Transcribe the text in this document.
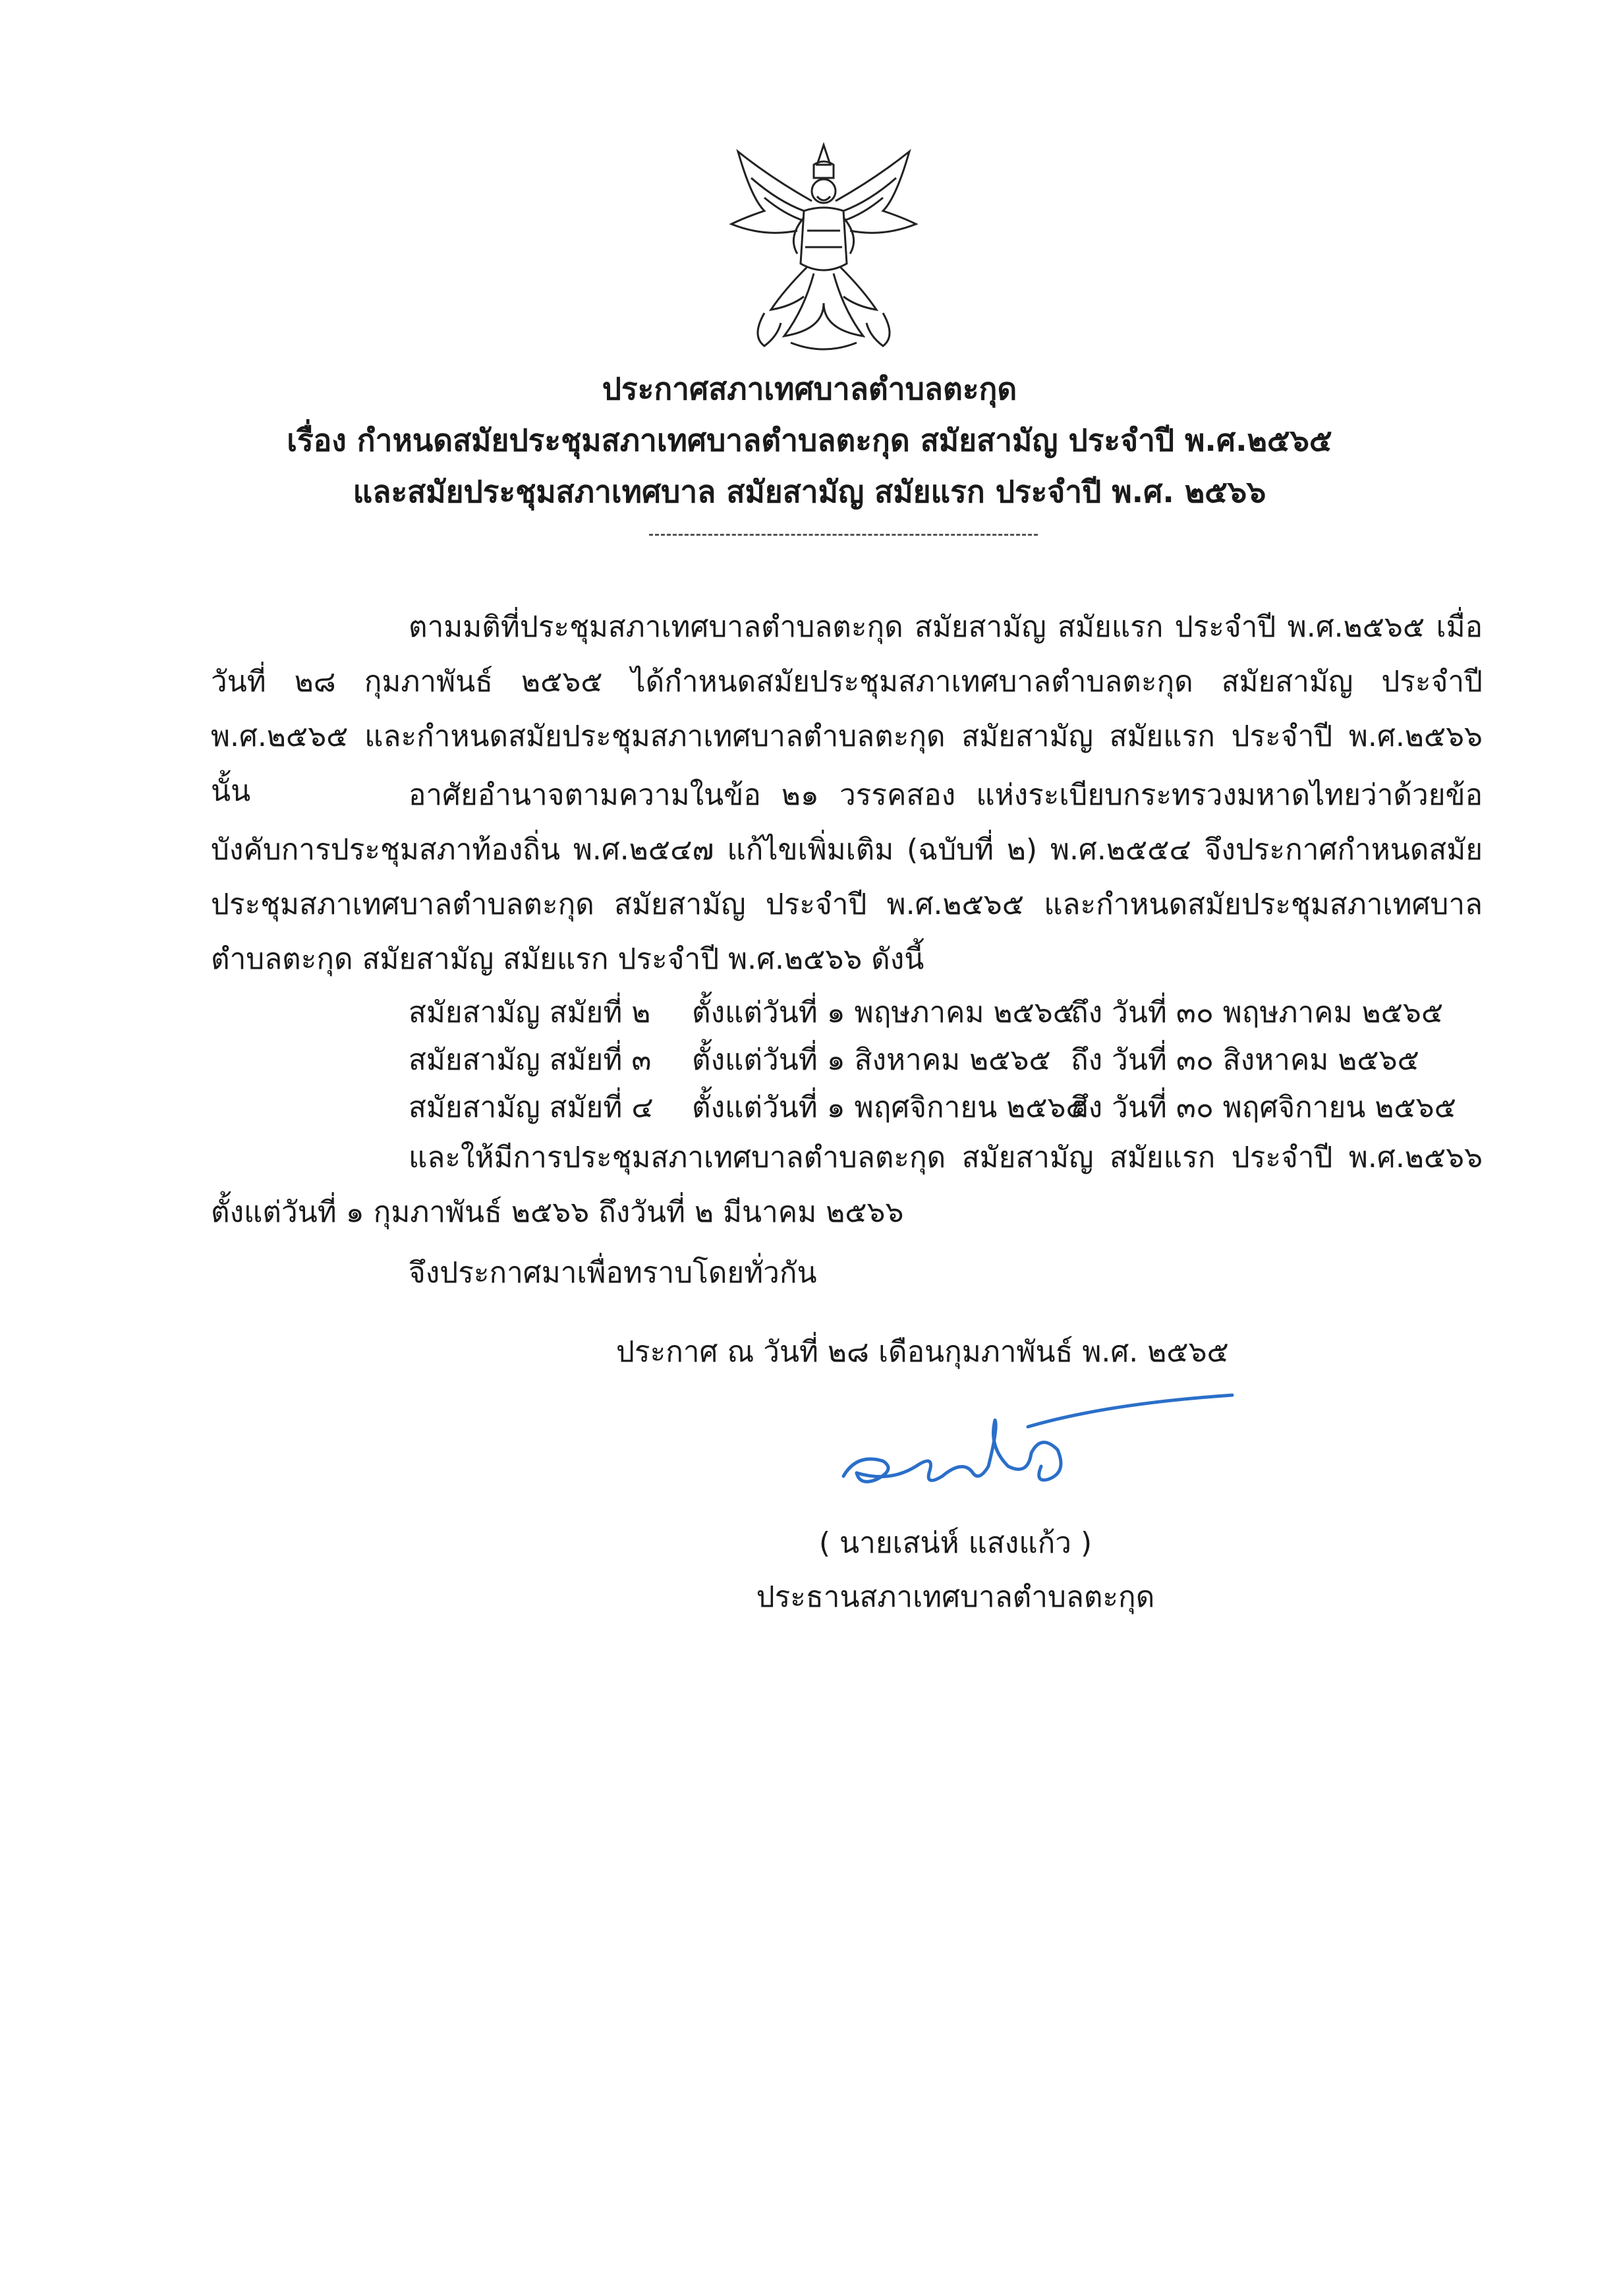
ประกาศสภาเทศบาลตำบลตะกุด
เรื่อง กำหนดสมัยประชุมสภาเทศบาลตำบลตะกุด สมัยสามัญ ประจำปี พ.ศ.๒๕๖๕
และสมัยประชุมสภาเทศบาล สมัยสามัญ สมัยแรก ประจำปี พ.ศ. ๒๕๖๖
ตามมติที่ประชุมสภาเทศบาลตำบลตะกุด สมัยสามัญ สมัยแรก ประจำปี พ.ศ.๒๕๖๕ เมื่อวันที่ ๒๘ กุมภาพันธ์ ๒๕๖๕ ได้กำหนดสมัยประชุมสภาเทศบาลตำบลตะกุด สมัยสามัญ ประจำปี พ.ศ.๒๕๖๕ และกำหนดสมัยประชุมสภาเทศบาลตำบลตะกุด สมัยสามัญ สมัยแรก ประจำปี พ.ศ.๒๕๖๖ นั้น	อาศัยอำนาจตามความในข้อ ๒๑ วรรคสอง แห่งระเบียบกระทรวงมหาดไทยว่าด้วยข้อบังคับการประชุมสภาท้องถิ่น พ.ศ.๒๕๔๗ แก้ไขเพิ่มเติม (ฉบับที่ ๒) พ.ศ.๒๕๕๔ จึงประกาศกำหนดสมัยประชุมสภาเทศบาลตำบลตะกุด สมัยสามัญ ประจำปี พ.ศ.๒๕๖๕ และกำหนดสมัยประชุมสภาเทศบาลตำบลตะกุด สมัยสามัญ สมัยแรก ประจำปี พ.ศ.๒๕๖๖ ดังนี้
สมัยสามัญ สมัยที่ ๒ ตั้งแต่วันที่ ๑ พฤษภาคม ๒๕๖๕
ถึง วันที่ ๓๐ พฤษภาคม ๒๕๖๕
สมัยสามัญ สมัยที่ ๓ ตั้งแต่วันที่ ๑ สิงหาคม ๒๕๖๕ ถึง วันที่ ๓๐ สิงหาคม ๒๕๖๕
สมัยสามัญ สมัยที่ ๔ ตั้งแต่วันที่ ๑ พฤศจิกายน ๒๕๖๕
ถึง วันที่ ๓๐ พฤศจิกายน ๒๕๖๕
และให้มีการประชุมสภาเทศบาลตำบลตะกุด สมัยสามัญ สมัยแรก ประจำปี พ.ศ.๒๕๖๖ ตั้งแต่วันที่ ๑ กุมภาพันธ์ ๒๕๖๖ ถึงวันที่ ๒ มีนาคม ๒๕๖๖
จึงประกาศมาเพื่อทราบโดยทั่วกัน
ประกาศ ณ วันที่ ๒๘ เดือนกุมภาพันธ์ พ.ศ. ๒๕๖๕
( นายเสน่ห์ แสงแก้ว )
ประธานสภาเทศบาลตำบลตะกุด
